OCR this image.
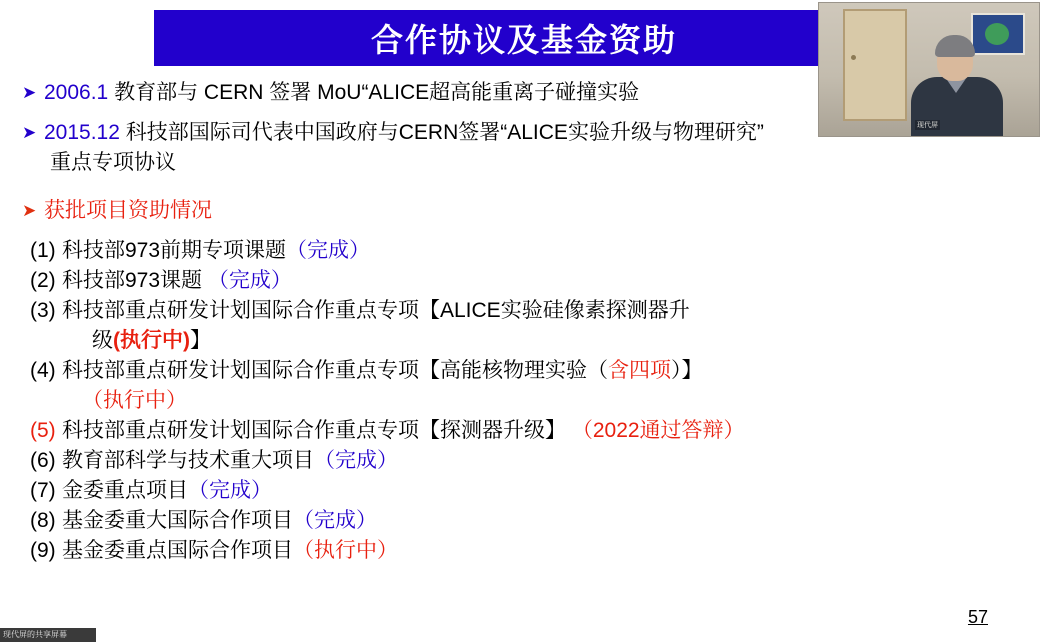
合作协议及基金资助
现代屏
➤ 2006.1 教育部与 CERN 签署 MoU“ALICE超高能重离子碰撞实验
➤ 2015.12 科技部国际司代表中国政府与CERN签署“ALICE实验升级与物理研究”
重点专项协议
➤ 获批项目资助情况
(1) 科技部973前期专项课题（完成）
(2) 科技部973课题 （完成）
(3) 科技部重点研发计划国际合作重点专项【ALICE实验硅像素探测器升
级(执行中)】
(4) 科技部重点研发计划国际合作重点专项【高能核物理实验（含四项）】
（执行中）
(5) 科技部重点研发计划国际合作重点专项【探测器升级】 （2022通过答辩）
(6) 教育部科学与技术重大项目（完成）
(7) 金委重点项目（完成）
(8) 基金委重大国际合作项目（完成）
(9) 基金委重点国际合作项目（执行中）
57
现代屏的共享屏幕
